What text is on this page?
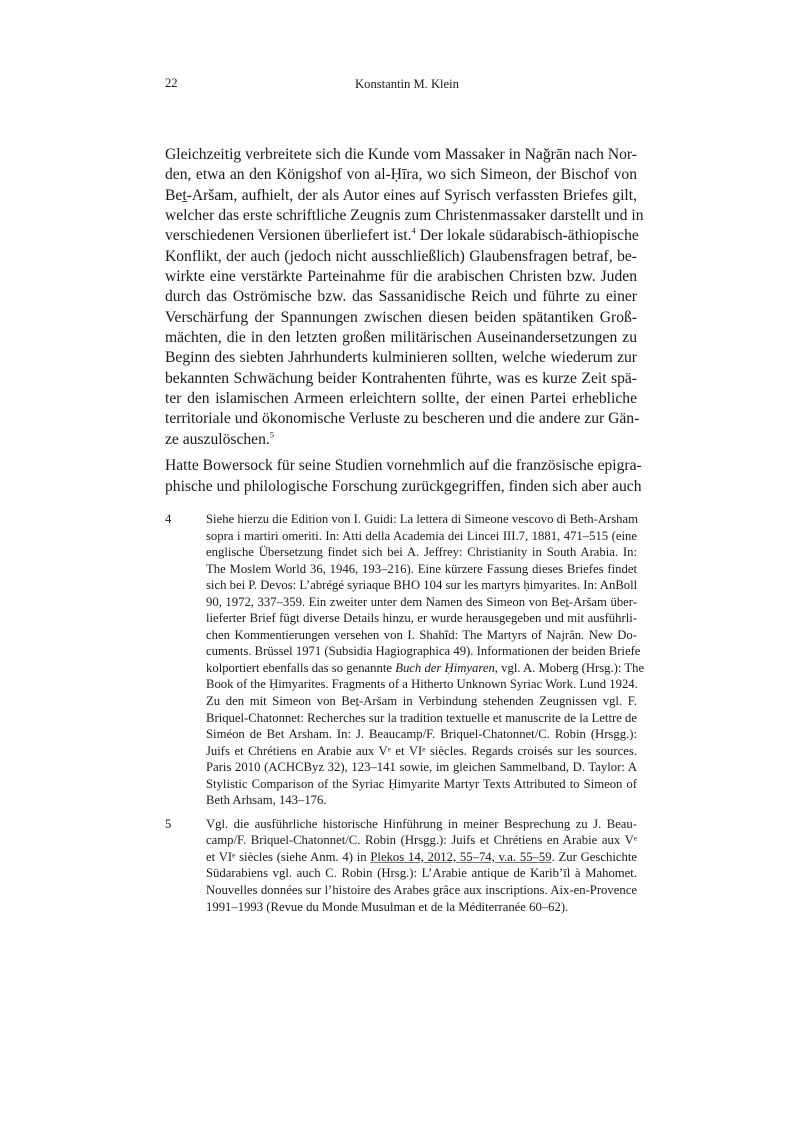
22	Konstantin M. Klein

Gleichzeitig verbreitete sich die Kunde vom Massaker in Nağrān nach Nor-
den, etwa an den Königshof von al-Ḥīra, wo sich Simeon, der Bischof von
Beṯ-Aršam, aufhielt, der als Autor eines auf Syrisch verfassten Briefes gilt,
welcher das erste schriftliche Zeugnis zum Christenmassaker darstellt und in
verschiedenen Versionen überliefert ist.$^4$ Der lokale südarabisch-äthiopische
Konflikt, der auch (jedoch nicht ausschließlich) Glaubensfragen betraf, be-
wirkte eine verstärkte Parteinahme für die arabischen Christen bzw. Juden
durch das Oströmische bzw. das Sassanidische Reich und führte zu einer
Verschärfung der Spannungen zwischen diesen beiden spätantiken Groß-
mächten, die in den letzten großen militärischen Auseinandersetzungen zu
Beginn des siebten Jahrhunderts kulminieren sollten, welche wiederum zur
bekannten Schwächung beider Kontrahenten führte, was es kurze Zeit spä-
ter den islamischen Armeen erleichtern sollte, der einen Partei erhebliche
territoriale und ökonomische Verluste zu bescheren und die andere zur Gän-
ze auszulöschen.$^5$

Hatte Bowersock für seine Studien vornehmlich auf die französische epigra-
phische und philologische Forschung zurückgegriffen, finden sich aber auch

4	Siehe hierzu die Edition von I. Guidi: La lettera di Simeone vescovo di Beth-Arsham
sopra i martiri omeriti. In: Atti della Academia dei Lincei III.7, 1881, 471–515 (eine
englische Übersetzung findet sich bei A. Jeffrey: Christianity in South Arabia. In:
The Moslem World 36, 1946, 193–216). Eine kürzere Fassung dieses Briefes findet
sich bei P. Devos: L’abrégé syriaque BHO 104 sur les martyrs ḥimyarites. In: AnBoll
90, 1972, 337–359. Ein zweiter unter dem Namen des Simeon von Beṯ-Aršam über-
lieferter Brief fügt diverse Details hinzu, er wurde herausgegeben und mit ausführli-
chen Kommentierungen versehen von I. Shahîd: The Martyrs of Najrân. New Do-
cuments. Brüssel 1971 (Subsidia Hagiographica 49). Informationen der beiden Briefe
kolportiert ebenfalls das so genannte Buch der Ḥimyaren, vgl. A. Moberg (Hrsg.): The
Book of the Ḥimyarites. Fragments of a Hitherto Unknown Syriac Work. Lund 1924.
Zu den mit Simeon von Beṯ-Aršam in Verbindung stehenden Zeugnissen vgl. F.
Briquel-Chatonnet: Recherches sur la tradition textuelle et manuscrite de la Lettre de
Siméon de Bet Arsham. In: J. Beaucamp/F. Briquel-Chatonnet/C. Robin (Hrsgg.):
Juifs et Chrétiens en Arabie aux Vᵉ et VIᵉ siècles. Regards croisés sur les sources.
Paris 2010 (ACHCByz 32), 123–141 sowie, im gleichen Sammelband, D. Taylor: A
Stylistic Comparison of the Syriac Ḥimyarite Martyr Texts Attributed to Simeon of
Beth Arhsam, 143–176.
5	Vgl. die ausführliche historische Hinführung in meiner Besprechung zu J. Beau-
camp/F. Briquel-Chatonnet/C. Robin (Hrsgg.): Juifs et Chrétiens en Arabie aux Vᵉ
et VIᵉ siècles (siehe Anm. 4) in Plekos 14, 2012, 55–74, v.a. 55–59. Zur Geschichte
Südarabiens vgl. auch C. Robin (Hrsg.): L’Arabie antique de Karib’īl à Mahomet.
Nouvelles données sur l’histoire des Arabes grâce aux inscriptions. Aix-en-Provence
1991–1993 (Revue du Monde Musulman et de la Méditerranée 60–62).
